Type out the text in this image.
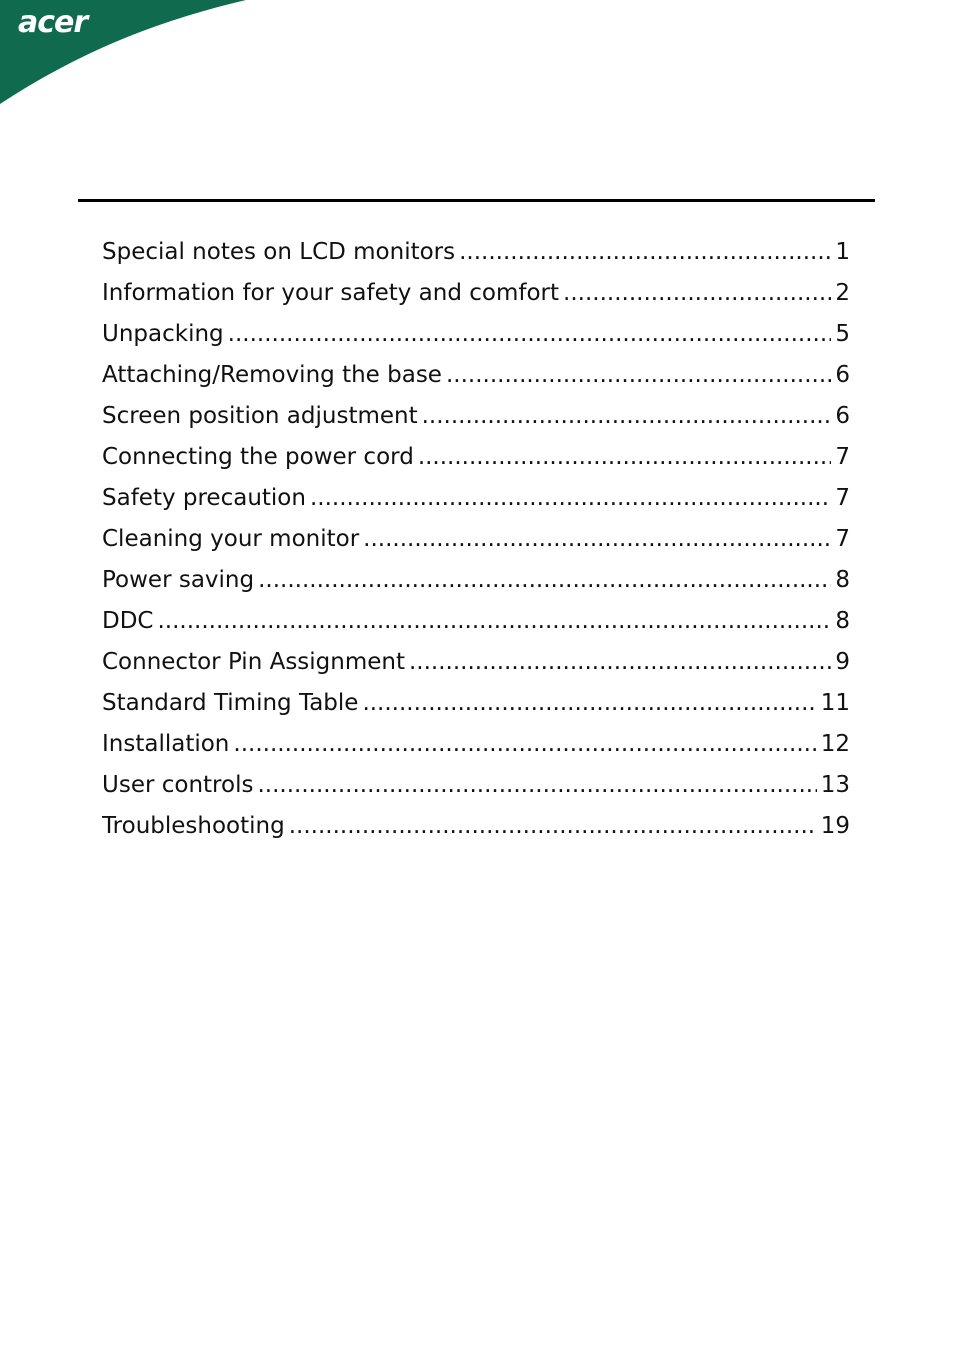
acer
Special notes on LCD monitors .....	1
Information for your safety and comfort .....	2
Unpacking .....	5
Attaching/Removing the base .....	6
Screen position adjustment .....	6
Connecting the power cord .....	7
Safety precaution .....	7
Cleaning your monitor .....	7
Power saving .....	8
DDC .....	8
Connector Pin Assignment .....	9
Standard Timing Table .....	11
Installation .....	12
User controls .....	13
Troubleshooting .....	19
